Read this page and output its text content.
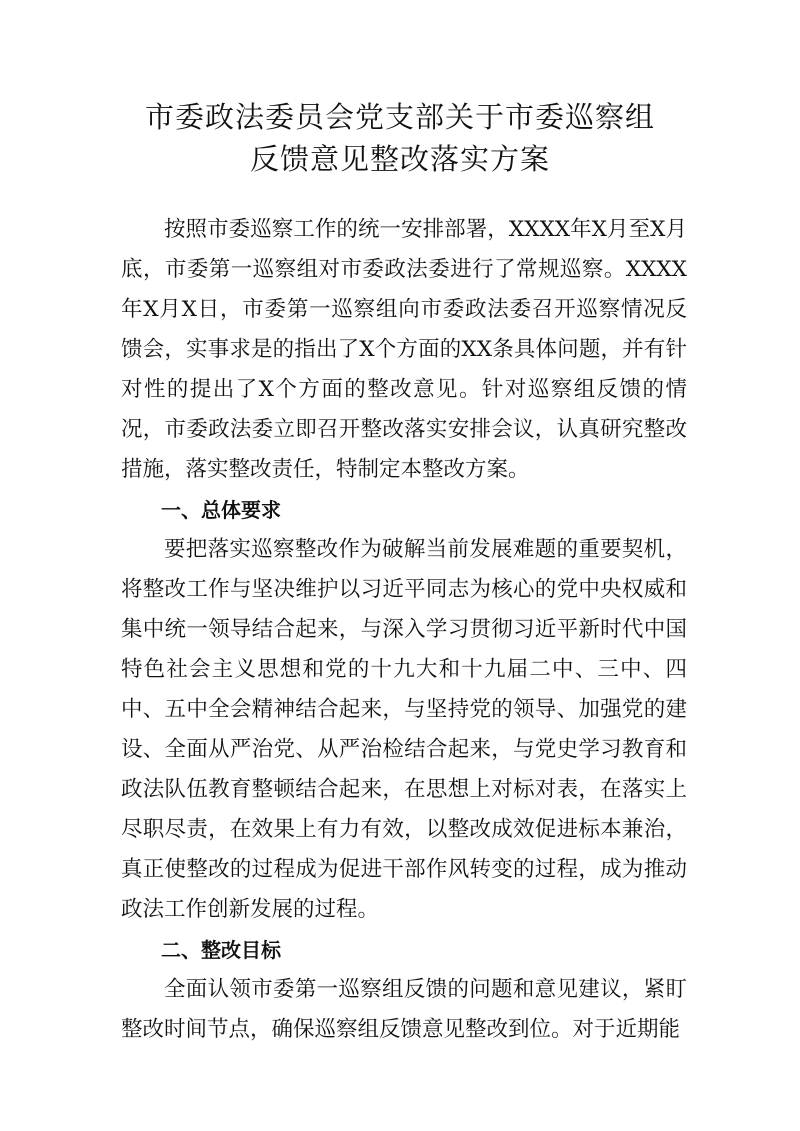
市委政法委员会党支部关于市委巡察组
反馈意见整改落实方案

按照市委巡察工作的统一安排部署，XXXX年X月至X月底，市委第一巡察组对市委政法委进行了常规巡察。XXXX年X月X日，市委第一巡察组向市委政法委召开巡察情况反馈会，实事求是的指出了X个方面的XX条具体问题，并有针对性的提出了X个方面的整改意见。针对巡察组反馈的情况，市委政法委立即召开整改落实安排会议，认真研究整改措施，落实整改责任，特制定本整改方案。

一、总体要求

要把落实巡察整改作为破解当前发展难题的重要契机，将整改工作与坚决维护以习近平同志为核心的党中央权威和集中统一领导结合起来，与深入学习贯彻习近平新时代中国特色社会主义思想和党的十九大和十九届二中、三中、四中、五中全会精神结合起来，与坚持党的领导、加强党的建设、全面从严治党、从严治检结合起来，与党史学习教育和政法队伍教育整顿结合起来，在思想上对标对表，在落实上尽职尽责，在效果上有力有效，以整改成效促进标本兼治，真正使整改的过程成为促进干部作风转变的过程，成为推动政法工作创新发展的过程。

二、整改目标

全面认领市委第一巡察组反馈的问题和意见建议，紧盯整改时间节点，确保巡察组反馈意见整改到位。对于近期能
